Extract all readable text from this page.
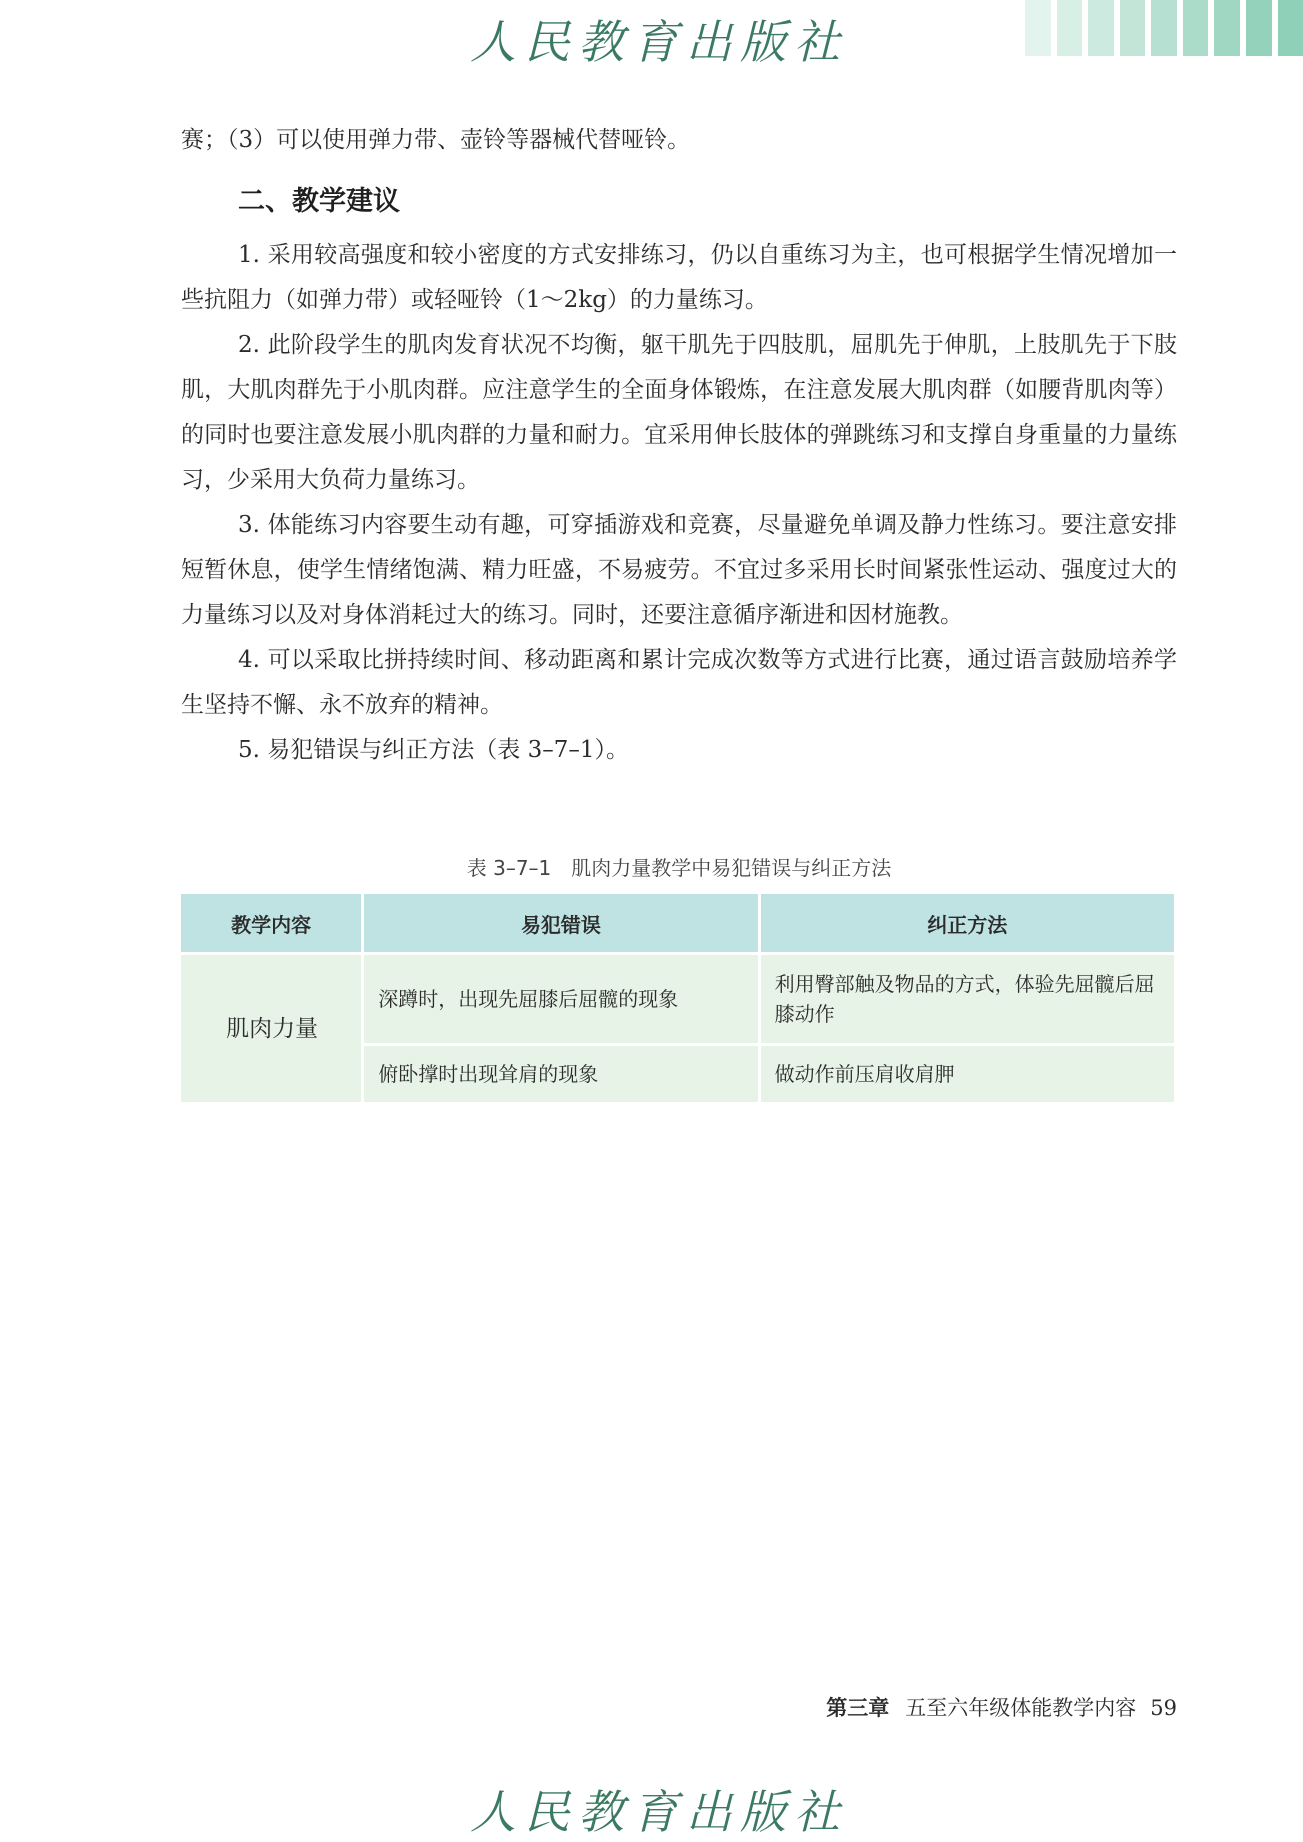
人民教育出版社

赛；（3）可以使用弹力带、壶铃等器械代替哑铃。

二、教学建议

1. 采用较高强度和较小密度的方式安排练习，仍以自重练习为主，也可根据学生情况增加一些抗阻力（如弹力带）或轻哑铃（1～2kg）的力量练习。

2. 此阶段学生的肌肉发育状况不均衡，躯干肌先于四肢肌，屈肌先于伸肌，上肢肌先于下肢肌，大肌肉群先于小肌肉群。应注意学生的全面身体锻炼，在注意发展大肌肉群（如腰背肌肉等）的同时也要注意发展小肌肉群的力量和耐力。宜采用伸长肢体的弹跳练习和支撑自身重量的力量练习，少采用大负荷力量练习。

3. 体能练习内容要生动有趣，可穿插游戏和竞赛，尽量避免单调及静力性练习。要注意安排短暂休息，使学生情绪饱满、精力旺盛，不易疲劳。不宜过多采用长时间紧张性运动、强度过大的力量练习以及对身体消耗过大的练习。同时，还要注意循序渐进和因材施教。

4. 可以采取比拼持续时间、移动距离和累计完成次数等方式进行比赛，通过语言鼓励培养学生坚持不懈、永不放弃的精神。

5. 易犯错误与纠正方法（表 3–7–1）。

表 3–7–1　肌肉力量教学中易犯错误与纠正方法
教学内容	易犯错误	纠正方法
肌肉力量	深蹲时，出现先屈膝后屈髋的现象	利用臀部触及物品的方式，体验先屈髋后屈膝动作
	俯卧撑时出现耸肩的现象	做动作前压肩收肩胛
第三章 五至六年级体能教学内容 59
人民教育出版社
